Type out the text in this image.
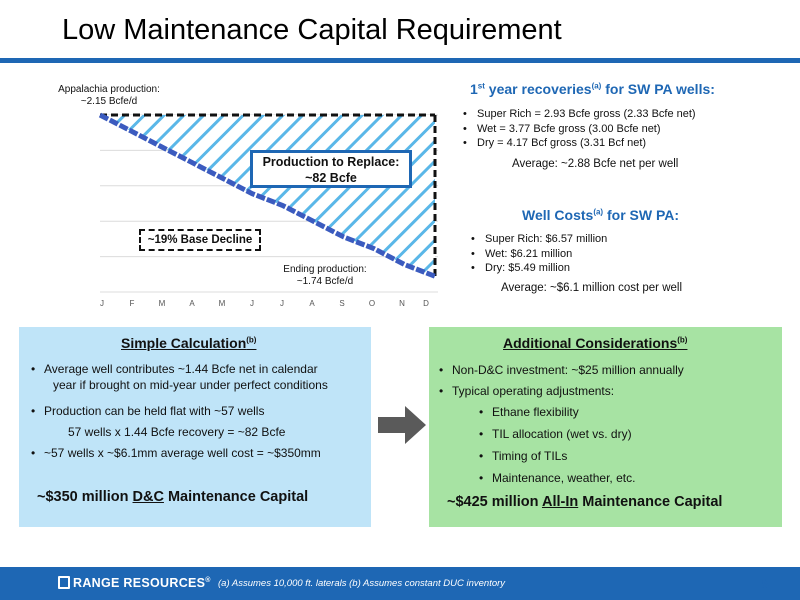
Low Maintenance Capital Requirement
Appalachia production:
~2.15 Bcfe/d
Ending production:
~1.74 Bcfe/d
Production to Replace:
~82 Bcfe
~19% Base Decline
J	F	M	A	M	J	J	A	S	O	N	D
1st year recoveries$^{(a)}$ for SW PA wells:
• Super Rich = 2.93 Bcfe gross (2.33 Bcfe net)
• Wet = 3.77 Bcfe gross (3.00 Bcfe net)
• Dry = 4.17 Bcf gross (3.31 Bcf net)
Average: ~2.88 Bcfe net per well
Well Costs$^{(a)}$ for SW PA:
• Super Rich: $6.57 million
• Wet: $6.21 million
• Dry: $5.49 million
Average: ~$6.1 million cost per well
Simple Calculation$^{(b)}$
• Average well contributes ~1.44 Bcfe net in calendar
year if brought on mid-year under perfect conditions
• Production can be held flat with ~57 wells
57 wells x 1.44 Bcfe recovery = ~82 Bcfe
• ~57 wells x ~$6.1mm average well cost = ~$350mm
~$350 million D&C Maintenance Capital
Additional Considerations$^{(b)}$
• Non-D&C investment: ~$25 million annually
• Typical operating adjustments:
• Ethane flexibility
• TIL allocation (wet vs. dry)
• Timing of TILs
• Maintenance, weather, etc.
~$425 million All-In Maintenance Capital
RANGE RESOURCES® (a) Assumes 10,000 ft. laterals (b) Assumes constant DUC inventory	8
